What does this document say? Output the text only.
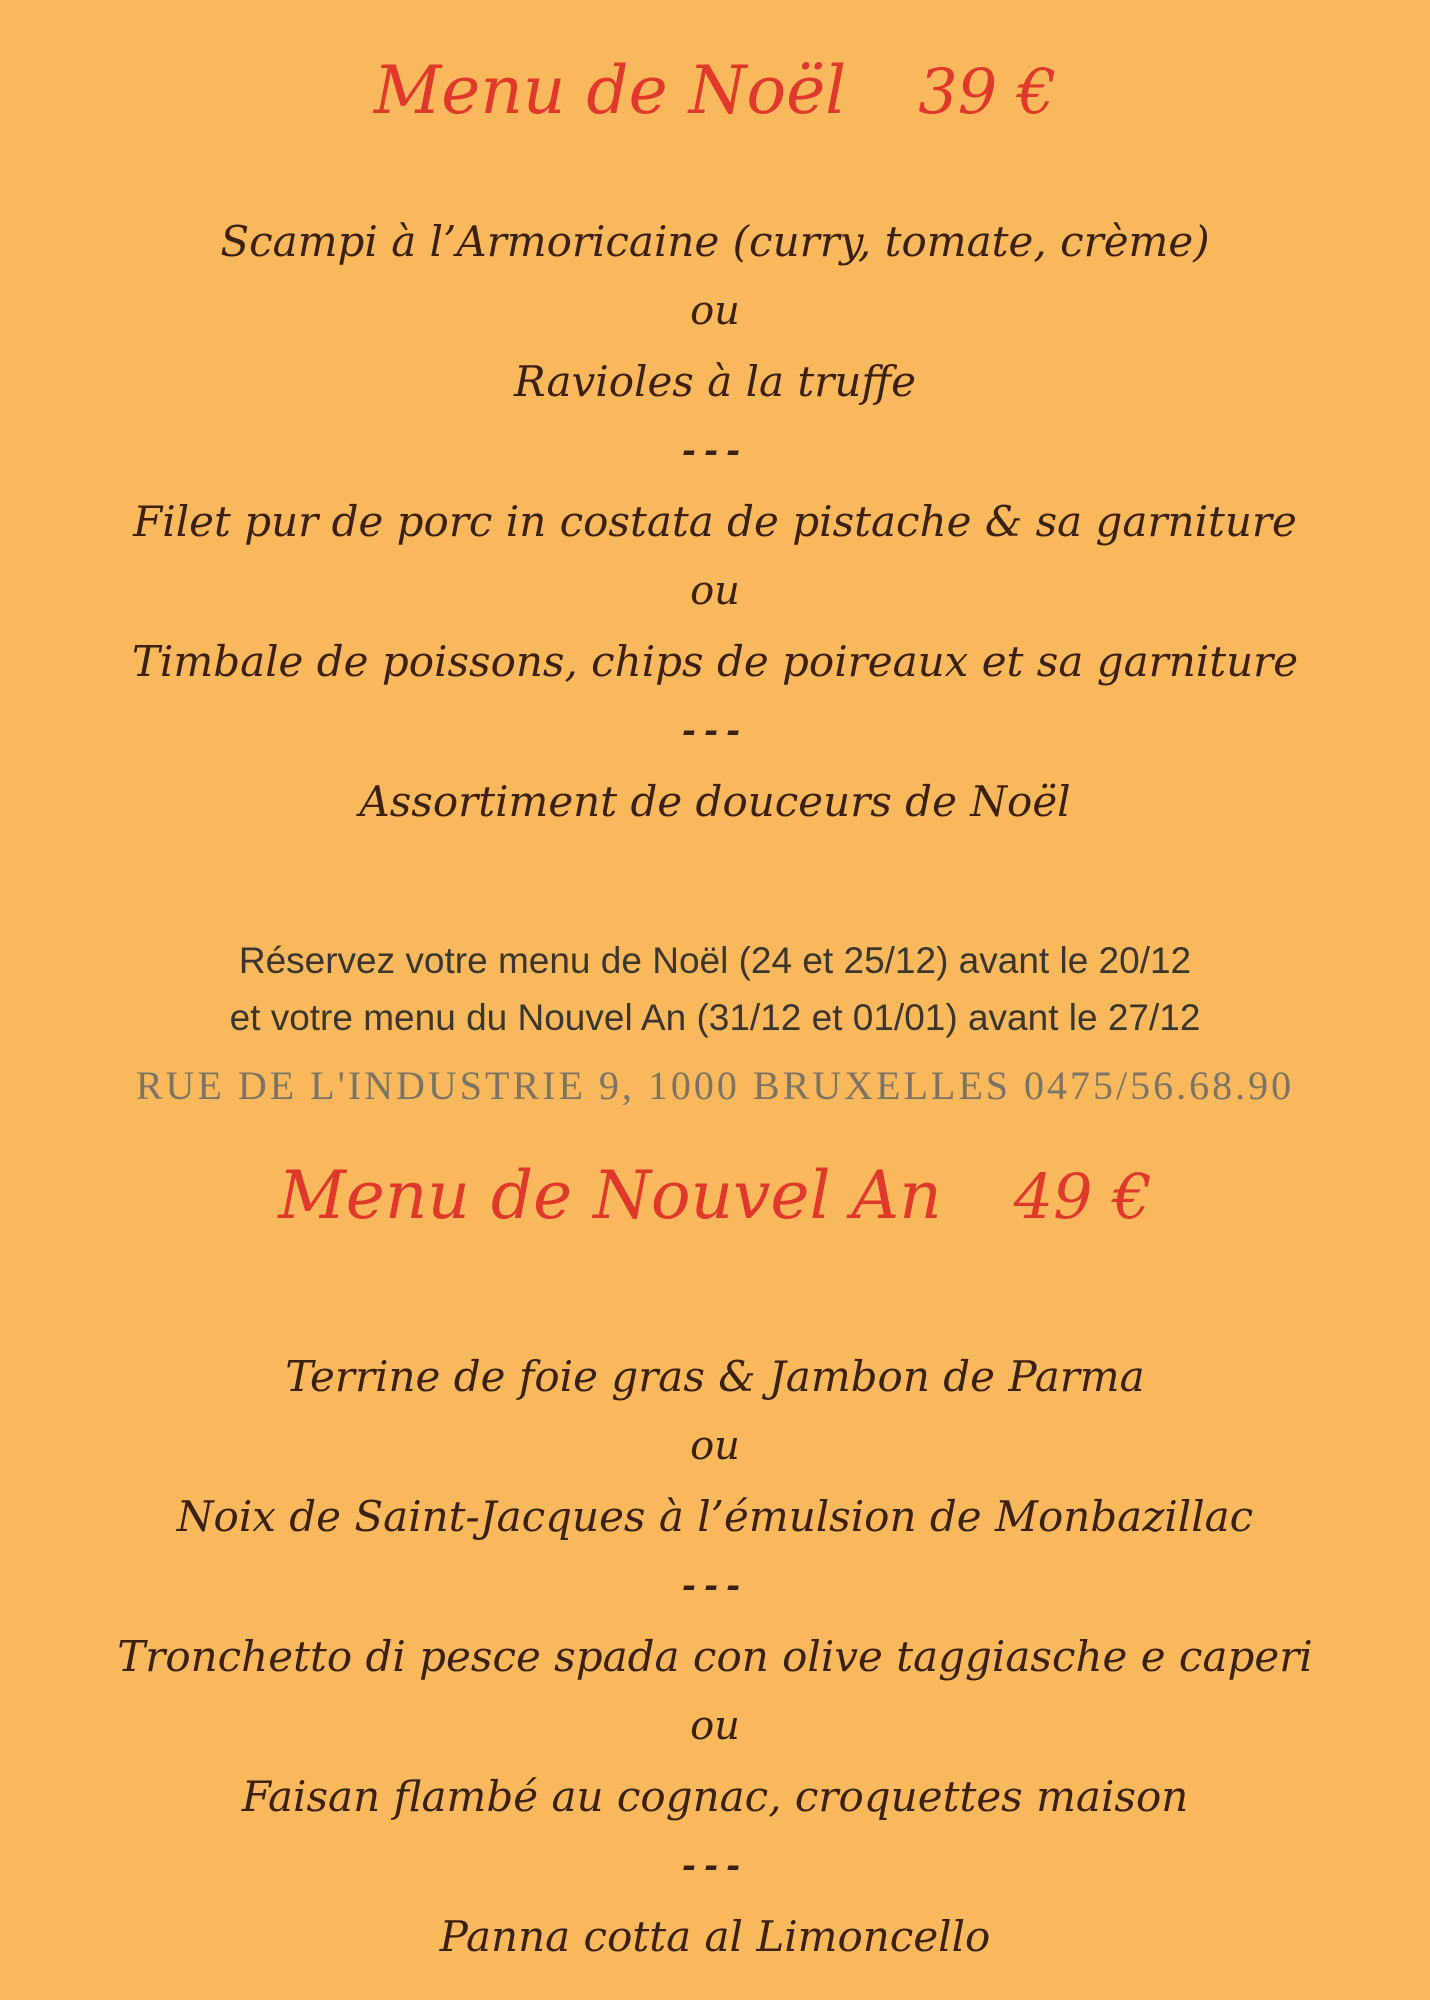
Menu de Noël 39 €
Scampi à l’Armoricaine (curry, tomate, crème)
ou
Ravioles à la truffe
---
Filet pur de porc in costata de pistache & sa garniture
ou
Timbale de poissons, chips de poireaux et sa garniture
---
Assortiment de douceurs de Noël
Réservez votre menu de Noël (24 et 25/12) avant le 20/12
et votre menu du Nouvel An (31/12 et 01/01) avant le 27/12
RUE DE L'INDUSTRIE 9, 1000 BRUXELLES 0475/56.68.90
Menu de Nouvel An 49 €
Terrine de foie gras & Jambon de Parma
ou
Noix de Saint-Jacques à l’émulsion de Monbazillac
---
Tronchetto di pesce spada con olive taggiasche e caperi
ou
Faisan flambé au cognac, croquettes maison
---
Panna cotta al Limoncello
